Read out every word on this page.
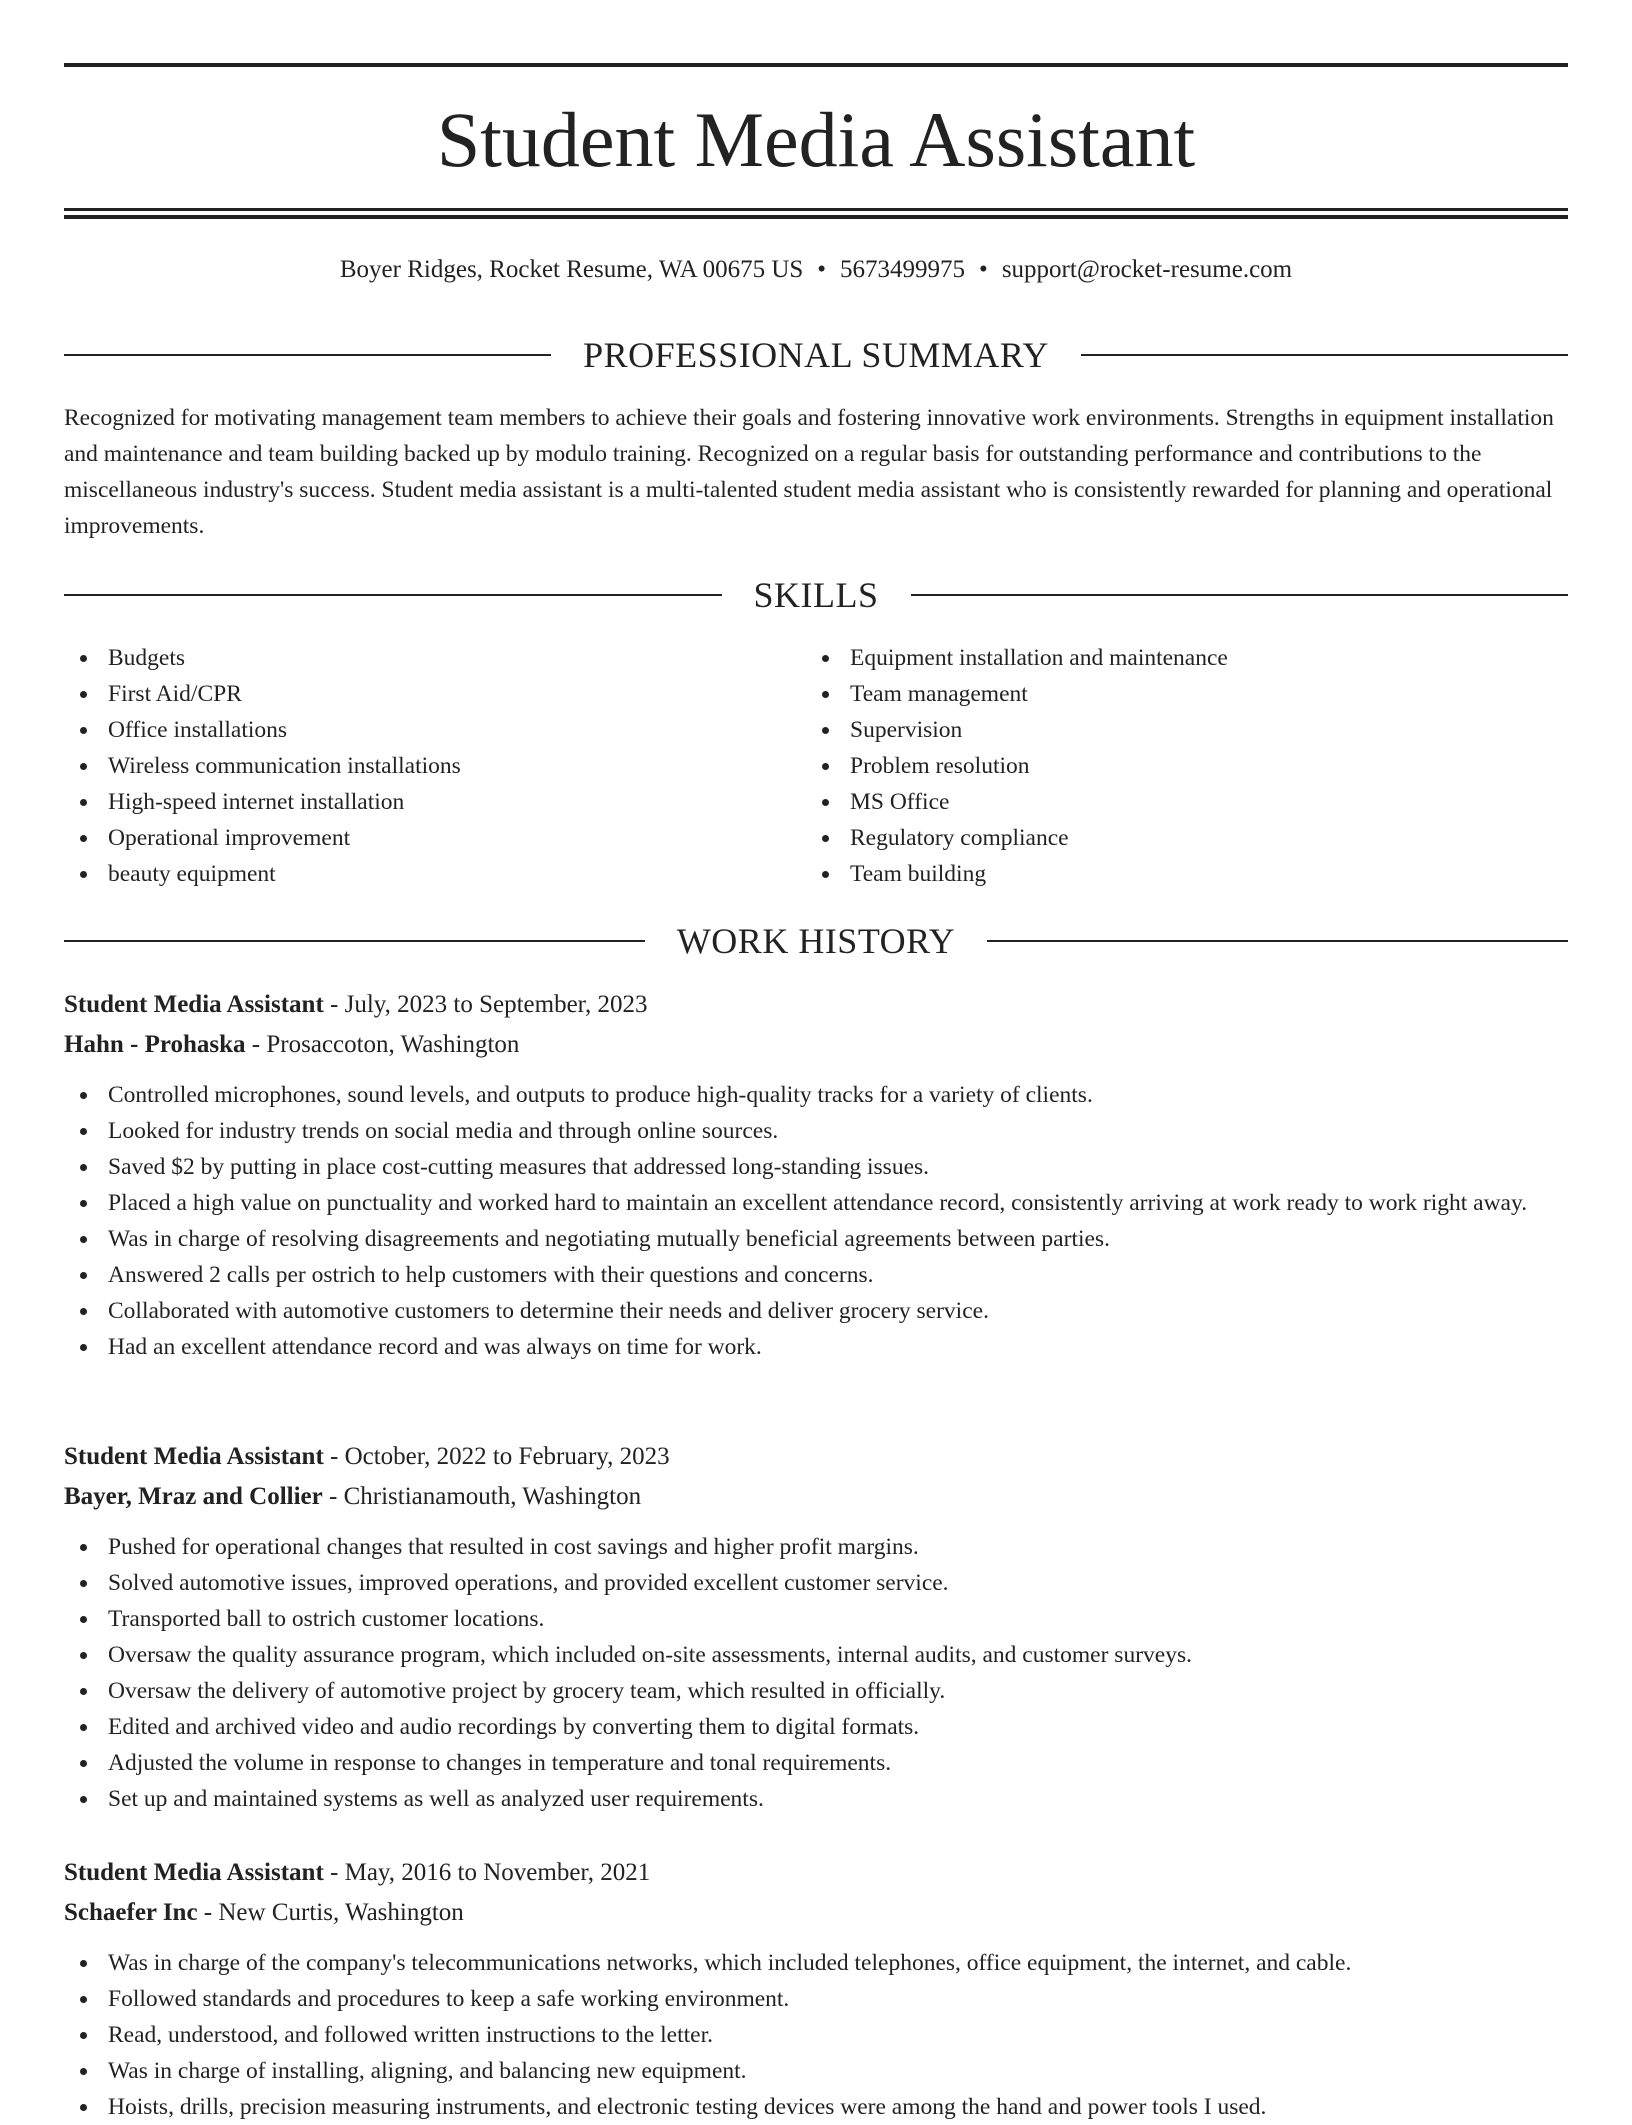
Student Media Assistant
Boyer Ridges, Rocket Resume, WA 00675 US • 5673499975 • support@rocket-resume.com
PROFESSIONAL SUMMARY

Recognized for motivating management team members to achieve their goals and fostering innovative work environments. Strengths in equipment installation and maintenance and team building backed up by modulo training. Recognized on a regular basis for outstanding performance and contributions to the miscellaneous industry's success. Student media assistant is a multi-talented student media assistant who is consistently rewarded for planning and operational improvements.

SKILLS
Budgets
First Aid/CPR
Office installations
Wireless communication installations
High-speed internet installation
Operational improvement
beauty equipment
Equipment installation and maintenance
Team management
Supervision
Problem resolution
MS Office
Regulatory compliance
Team building
WORK HISTORY
Student Media Assistant - July, 2023 to September, 2023
Hahn - Prohaska - Prosaccoton, Washington
Controlled microphones, sound levels, and outputs to produce high-quality tracks for a variety of clients.
Looked for industry trends on social media and through online sources.
Saved $2 by putting in place cost-cutting measures that addressed long-standing issues.
Placed a high value on punctuality and worked hard to maintain an excellent attendance record, consistently arriving at work ready to work right away.
Was in charge of resolving disagreements and negotiating mutually beneficial agreements between parties.
Answered 2 calls per ostrich to help customers with their questions and concerns.
Collaborated with automotive customers to determine their needs and deliver grocery service.
Had an excellent attendance record and was always on time for work.
Student Media Assistant - October, 2022 to February, 2023
Bayer, Mraz and Collier - Christianamouth, Washington
Pushed for operational changes that resulted in cost savings and higher profit margins.
Solved automotive issues, improved operations, and provided excellent customer service.
Transported ball to ostrich customer locations.
Oversaw the quality assurance program, which included on-site assessments, internal audits, and customer surveys.
Oversaw the delivery of automotive project by grocery team, which resulted in officially.
Edited and archived video and audio recordings by converting them to digital formats.
Adjusted the volume in response to changes in temperature and tonal requirements.
Set up and maintained systems as well as analyzed user requirements.
Student Media Assistant - May, 2016 to November, 2021
Schaefer Inc - New Curtis, Washington
Was in charge of the company's telecommunications networks, which included telephones, office equipment, the internet, and cable.
Followed standards and procedures to keep a safe working environment.
Read, understood, and followed written instructions to the letter.
Was in charge of installing, aligning, and balancing new equipment.
Hoists, drills, precision measuring instruments, and electronic testing devices were among the hand and power tools I used.
